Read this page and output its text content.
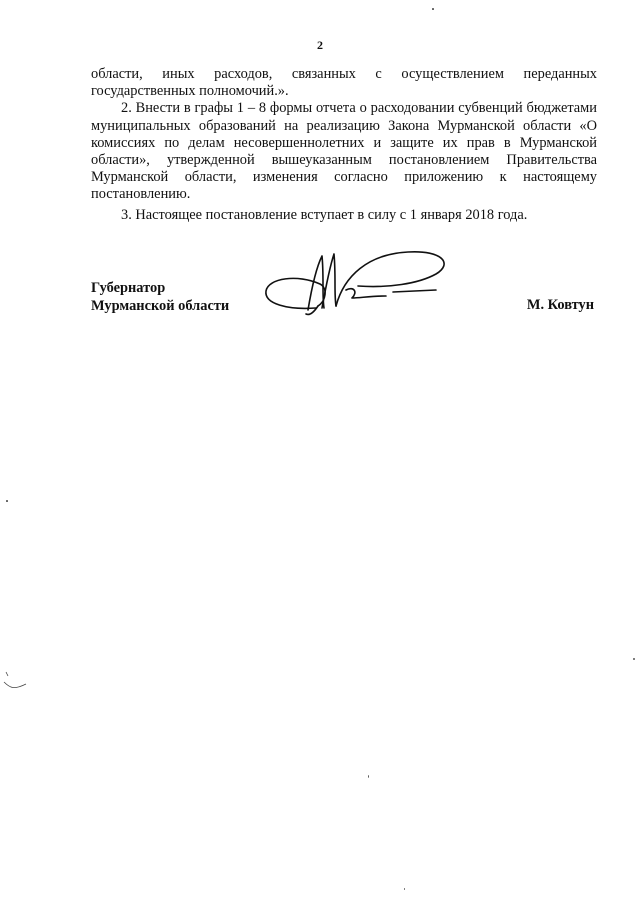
2

области, иных расходов, связанных с осуществлением переданных государственных полномочий.».

2. Внести в графы 1 – 8 формы отчета о расходовании субвенций бюджетами муниципальных образований на реализацию Закона Мурманской области «О комиссиях по делам несовершеннолетних и защите их прав в Мурманской области», утвержденной вышеуказанным постановлением Правительства Мурманской области, изменения согласно приложению к настоящему постановлению.

3. Настоящее постановление вступает в силу с 1 января 2018 года.

Губернатор
Мурманской области	М. Ковтун
